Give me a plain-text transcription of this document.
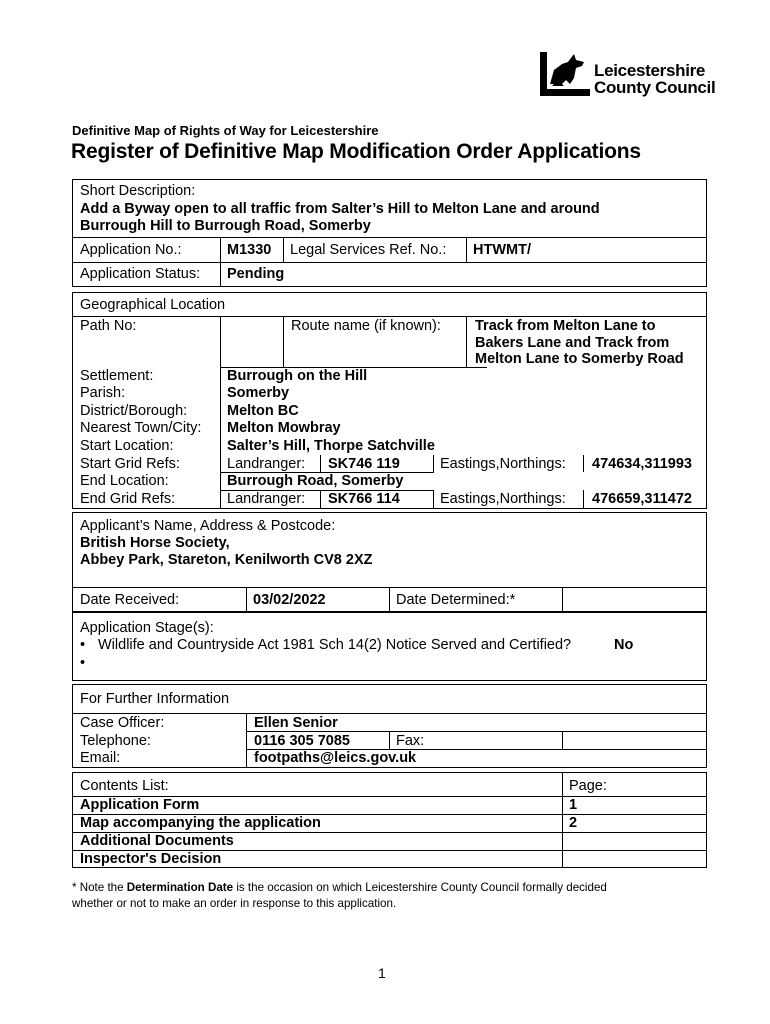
Leicestershire
County Council
Definitive Map of Rights of Way for Leicestershire
Register of Definitive Map Modification Order Applications
Short Description:
Add a Byway open to all traffic from Salter’s Hill to Melton Lane and around
Burrough Hill to Burrough Road, Somerby
Application No.:	M1330 Legal Services Ref. No.: HTWMT/
Application Status: Pending
Geographical Location
Path No:	Route name (if known): Track from Melton Lane to
Bakers Lane and Track from
Melton Lane to Somerby Road
Settlement:	Burrough on the Hill
Parish:	Somerby
District/Borough:	Melton BC
Nearest Town/City: Melton Mowbray
Start Location:	Salter’s Hill, Thorpe Satchville
Start Grid Refs:	Landranger: SK746 119	Eastings,Northings: 474634,311993
End Location:	Burrough Road, Somerby
End Grid Refs:	Landranger: SK766 114	Eastings,Northings: 476659,311472
Applicant’s Name, Address & Postcode:
British Horse Society,
Abbey Park, Stareton, Kenilworth CV8 2XZ
Date Received:	03/02/2022	Date Determined:*
Application Stage(s):
• Wildlife and Countryside Act 1981 Sch 14(2) Notice Served and Certified?	No
•
For Further Information
Case Officer:	Ellen Senior
Telephone:	0116 305 7085	Fax:
Email:	footpaths@leics.gov.uk
Contents List:	Page:
Application Form	1
Map accompanying the application	2
Additional Documents
Inspector's Decision
* Note the Determination Date is the occasion on which Leicestershire County Council formally decided
whether or not to make an order in response to this application.
1
